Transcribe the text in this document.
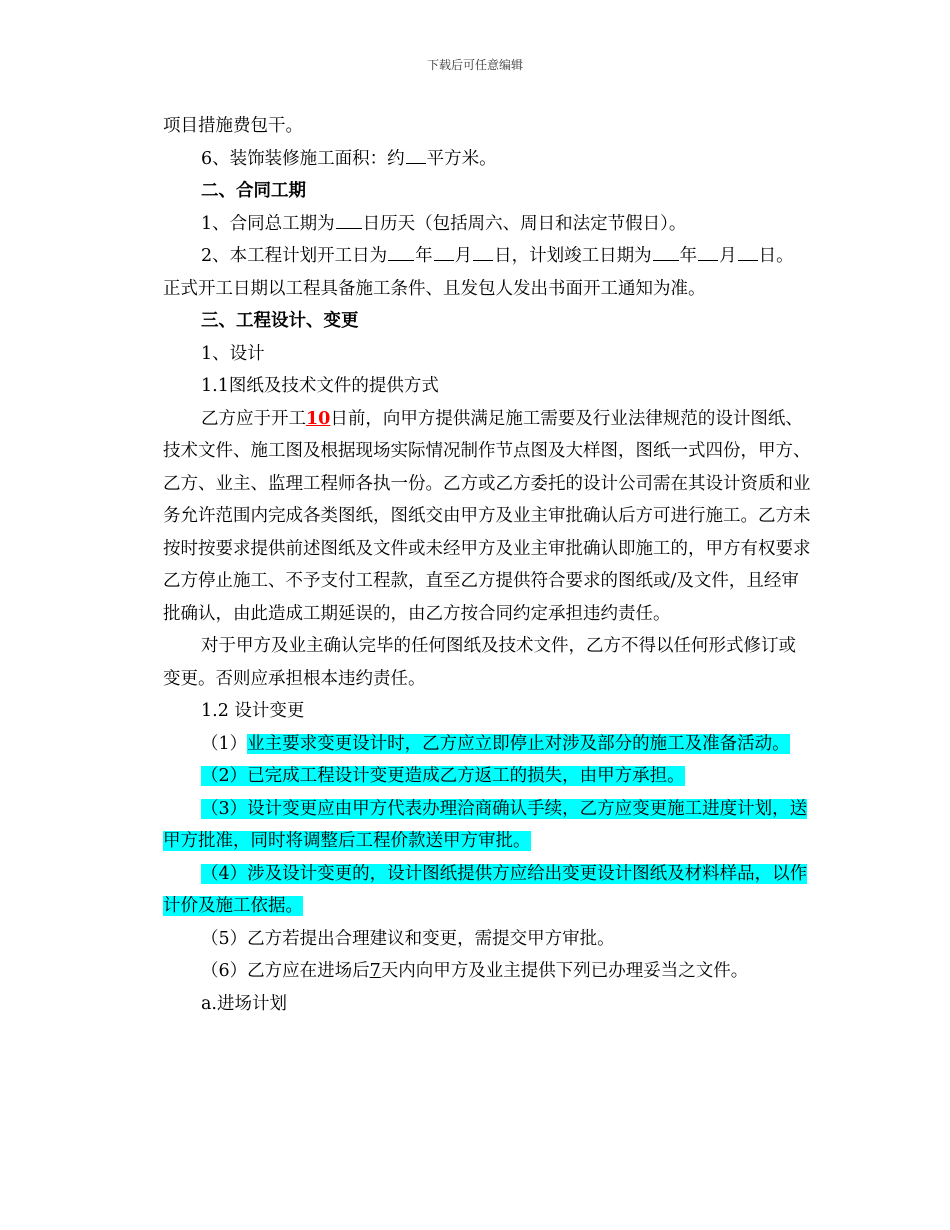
下载后可任意编辑

项目措施费包干。

6、装饰装修施工面积：约 平方米。

二、合同工期

1、合同总工期为 日历天（包括周六、周日和法定节假日）。

2、本工程计划开工日为 年 月 日，计划竣工日期为 年 月 日。

正式开工日期以工程具备施工条件、且发包人发出书面开工通知为准。

三、工程设计、变更

1、设计

1.1图纸及技术文件的提供方式

乙方应于开工10日前，向甲方提供满足施工需要及行业法律规范的设计图纸、技术文件、施工图及根据现场实际情况制作节点图及大样图，图纸一式四份，甲方、乙方、业主、监理工程师各执一份。乙方或乙方委托的设计公司需在其设计资质和业务允许范围内完成各类图纸，图纸交由甲方及业主审批确认后方可进行施工。乙方未按时按要求提供前述图纸及文件或未经甲方及业主审批确认即施工的，甲方有权要求乙方停止施工、不予支付工程款，直至乙方提供符合要求的图纸或/及文件，且经审批确认，由此造成工期延误的，由乙方按合同约定承担违约责任。

对于甲方及业主确认完毕的任何图纸及技术文件，乙方不得以任何形式修订或变更。否则应承担根本违约责任。

1.2 设计变更

（1）业主要求变更设计时，乙方应立即停止对涉及部分的施工及准备活动。

（2）已完成工程设计变更造成乙方返工的损失，由甲方承担。

（3）设计变更应由甲方代表办理洽商确认手续，乙方应变更施工进度计划，送甲方批准，同时将调整后工程价款送甲方审批。

（4）涉及设计变更的，设计图纸提供方应给出变更设计图纸及材料样品，以作计价及施工依据。

（5）乙方若提出合理建议和变更，需提交甲方审批。

（6）乙方应在进场后7天内向甲方及业主提供下列已办理妥当之文件。

a.进场计划
